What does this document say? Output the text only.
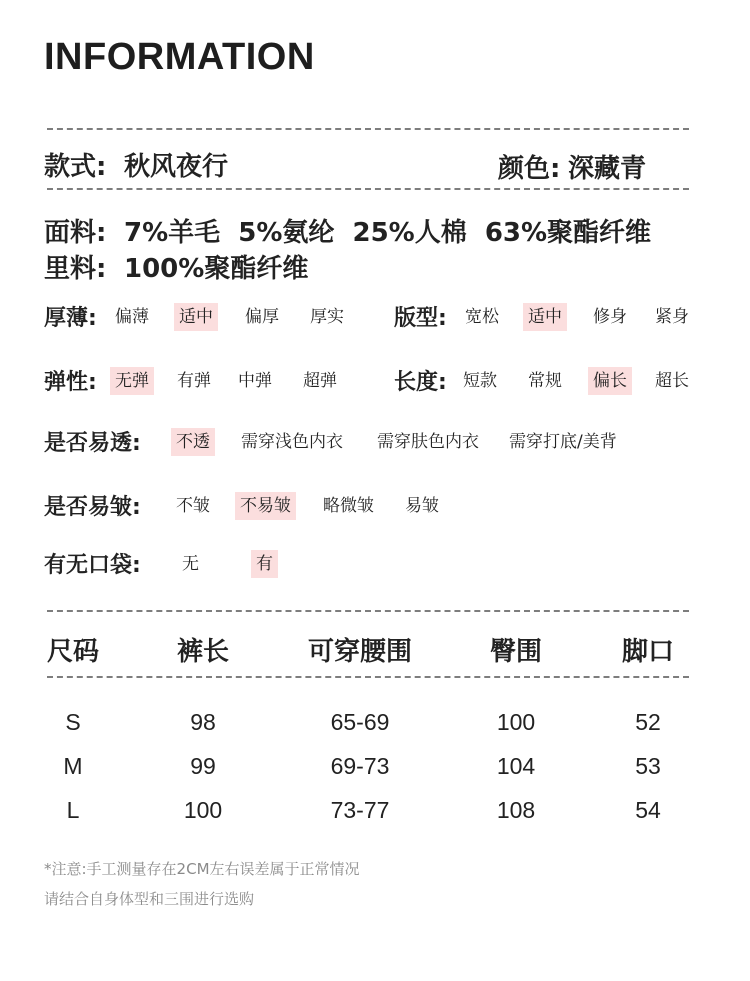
INFORMATION
款式: 秋风夜行	颜色: 深藏青
面料: 7%羊毛  5%氨纶  25%人棉  63%聚酯纤维
里料: 100%聚酯纤维
厚薄: 偏薄 适中 偏厚 厚实 版型: 宽松 适中 修身 紧身
弹性: 无弹 有弹 中弹 超弹	长度: 短款 常规 偏长 超长
是否易透: 不透 需穿浅色内衣 需穿肤色内衣 需穿打底/美背
是否易皱: 不皱 不易皱 略微皱 易皱
有无口袋: 无	有
尺码	裤长	可穿腰围	臀围	脚口
S	98	65-69	100	52
M	99	69-73	104	53
L	100	73-77	108	54
*注意:手工测量存在2CM左右误差属于正常情况
请结合自身体型和三围进行选购
